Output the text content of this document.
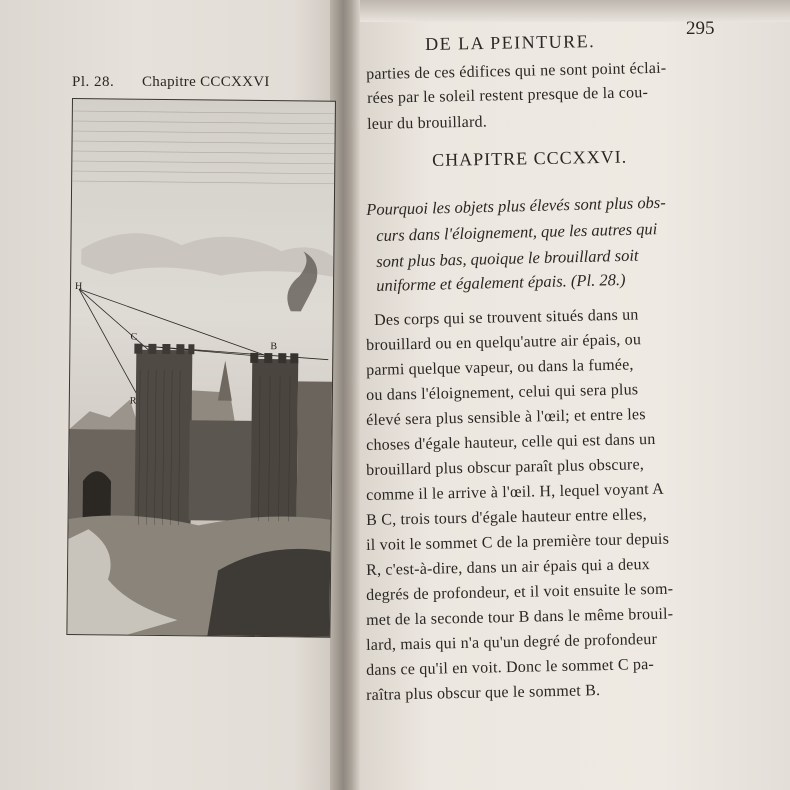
Pl. 28. Chapitre CCCXXVI
H
C
B
R
295
DE LA PEINTURE.
parties de ces édifices qui ne sont point éclai-
rées par le soleil restent presque de la cou-
leur du brouillard.
CHAPITRE CCCXXVI.
Pourquoi les objets plus élevés sont plus obs-
curs dans l'éloignement, que les autres qui
sont plus bas, quoique le brouillard soit
uniforme et également épais. (Pl. 28.)
Des corps qui se trouvent situés dans un
brouillard ou en quelqu'autre air épais, ou
parmi quelque vapeur, ou dans la fumée,
ou dans l'éloignement, celui qui sera plus
élevé sera plus sensible à l'œil; et entre les
choses d'égale hauteur, celle qui est dans un
brouillard plus obscur paraît plus obscure,
comme il le arrive à l'œil. H, lequel voyant A
B C, trois tours d'égale hauteur entre elles,
il voit le sommet C de la première tour depuis
R, c'est-à-dire, dans un air épais qui a deux
degrés de profondeur, et il voit ensuite le som-
met de la seconde tour B dans le même brouil-
lard, mais qui n'a qu'un degré de profondeur
dans ce qu'il en voit. Donc le sommet C pa-
raîtra plus obscur que le sommet B.
